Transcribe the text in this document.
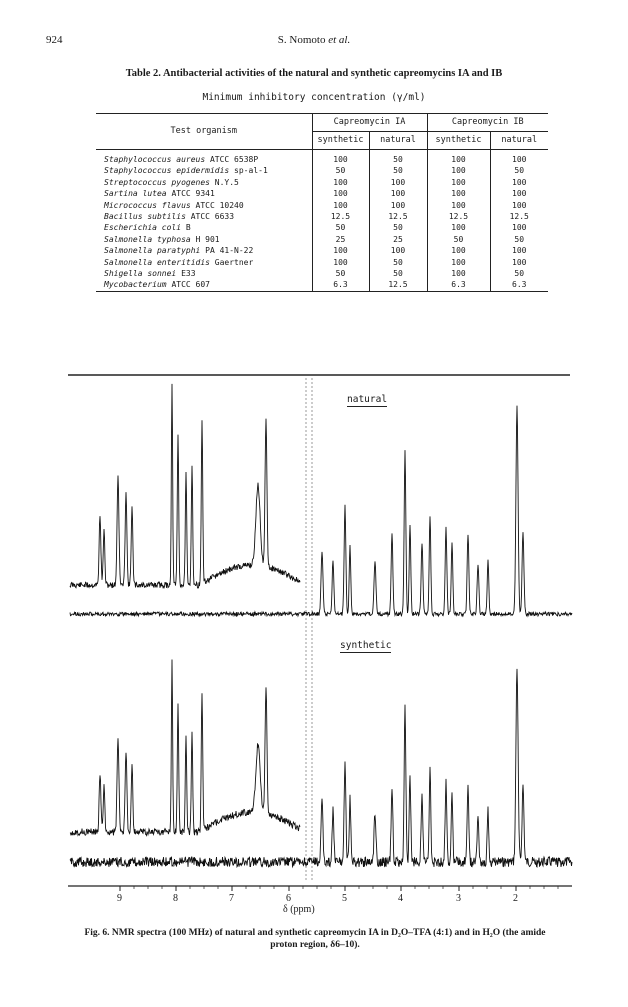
924	S. Nomoto et al.
Table 2. Antibacterial activities of the natural and synthetic capreomycins IA and IB
Minimum inhibitory concentration (γ/ml)
Test organism	Capreomycin IA		Capreomycin IB	
	synthetic	natural	synthetic	natural
Staphylococcus aureus ATCC 6538P	100	50	100	100
Staphylococcus epidermidis sp-al-1	50	50	100	50
Streptococcus pyogenes N.Y.5	100	100	100	100
Sartina lutea ATCC 9341	100	100	100	100
Micrococcus flavus ATCC 10240	100	100	100	100
Bacillus subtilis ATCC 6633	12.5	12.5	12.5	12.5
Escherichia coli B	50	50	100	100
Salmonella typhosa H 901	25	25	50	50
Salmonella paratyphi PA 41-N-22	100	100	100	100
Salmonella enteritidis Gaertner	100	50	100	100
Shigella sonnei E33	50	50	100	50
Mycobacterium ATCC 607	6.3	12.5	6.3	6.3
natural
synthetic
9	8	7	6	5	4	3	2
δ (ppm)
Fig. 6. NMR spectra (100 MHz) of natural and synthetic capreomycin IA in D₂O–TFA (4:1) and in H₂O (the amide proton region, δ6–10).
